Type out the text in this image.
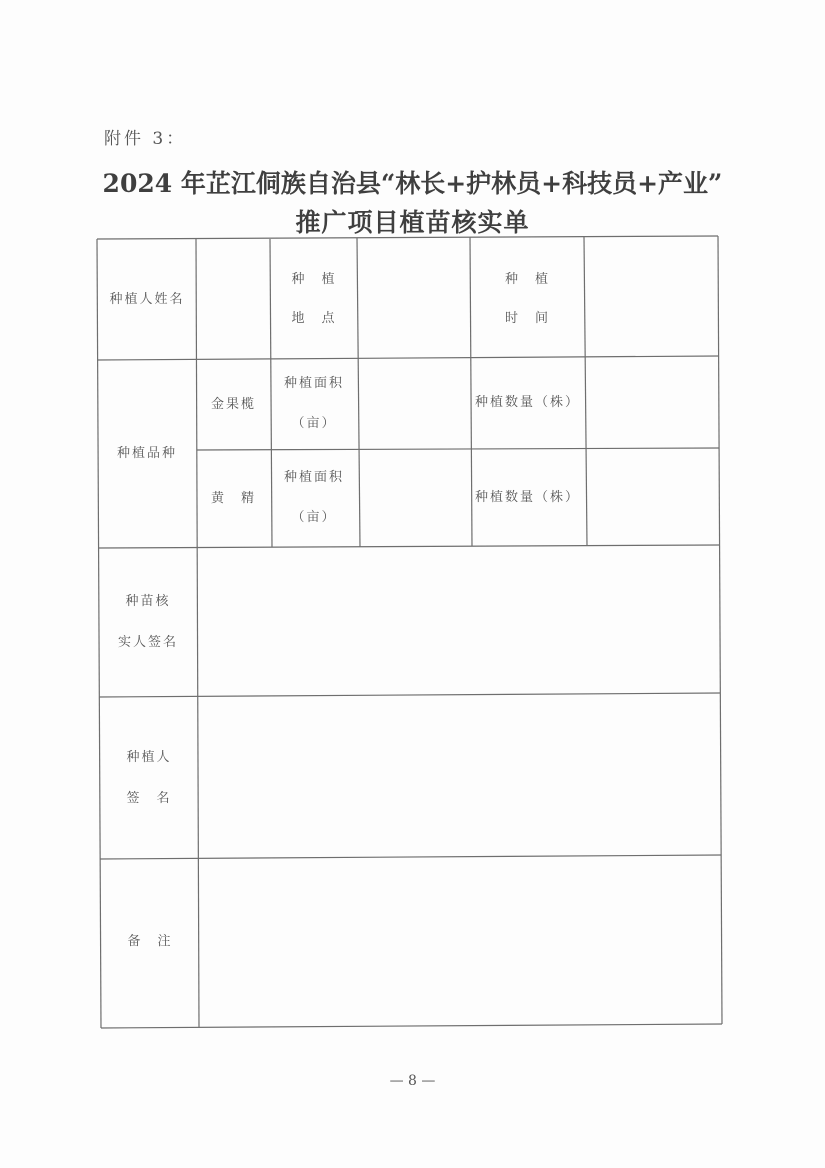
附件 3：
2024 年芷江侗族自治县“林长+护林员+科技员+产业”
推广项目植苗核实单
种植人姓名
种　植
地　点
种　植
时　间
种植品种
金果榄
种植面积
（亩）
种植数量（株）
黄　精
种植面积
（亩）
种植数量（株）
种苗核
实人签名
种植人
签　名
备　注
— 8 —
